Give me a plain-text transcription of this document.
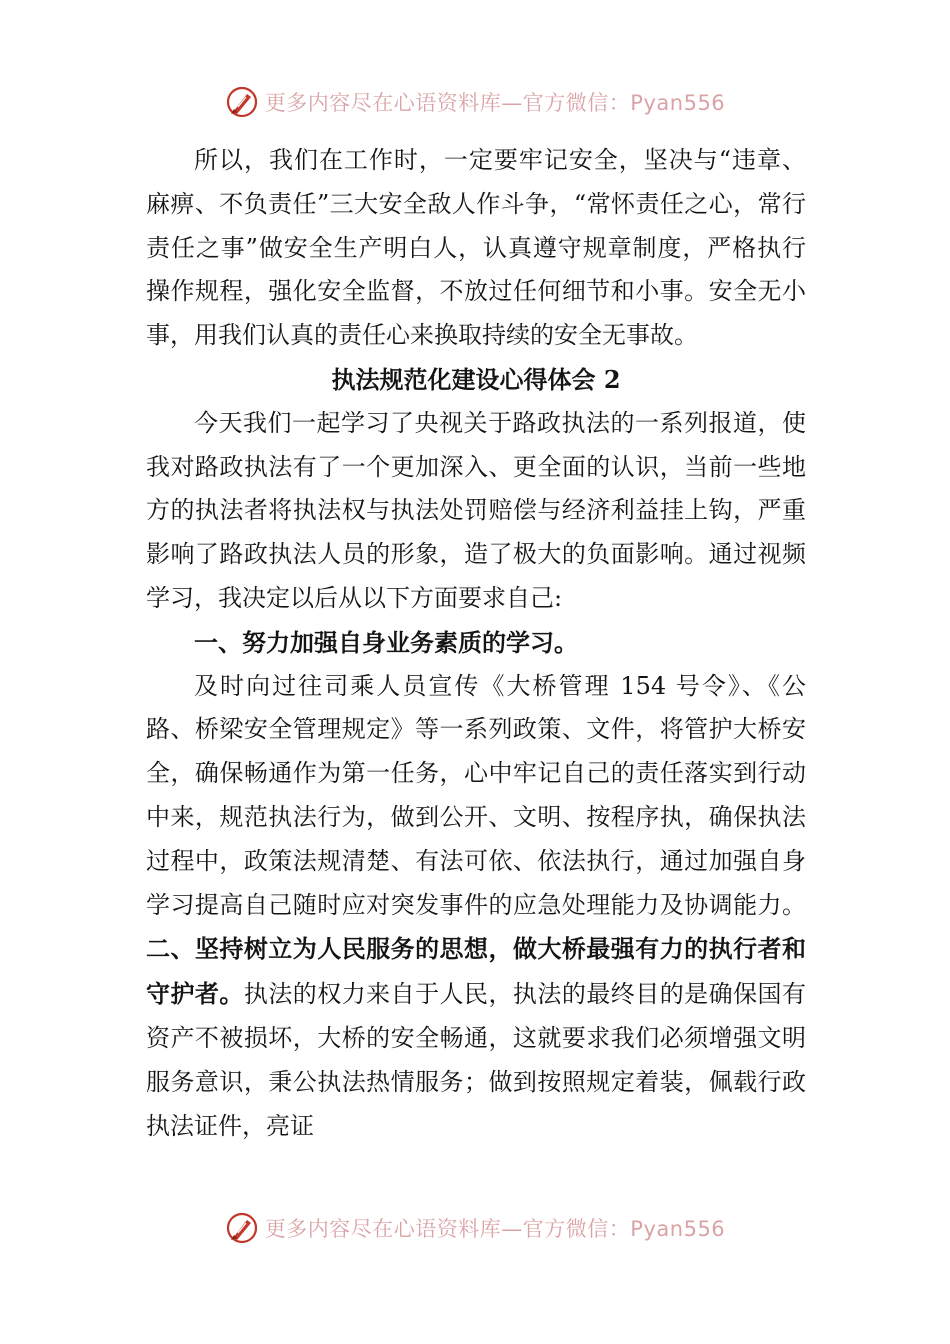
更多内容尽在心语资料库—官方微信：Pyan556

所以，我们在工作时，一定要牢记安全，坚决与“违章、麻痹、不负责任”三大安全敌人作斗争，“常怀责任之心，常行责任之事”做安全生产明白人，认真遵守规章制度，严格执行操作规程，强化安全监督，不放过任何细节和小事。安全无小事，用我们认真的责任心来换取持续的安全无事故。

执法规范化建设心得体会 2

今天我们一起学习了央视关于路政执法的一系列报道，使我对路政执法有了一个更加深入、更全面的认识，当前一些地方的执法者将执法权与执法处罚赔偿与经济利益挂上钩，严重影响了路政执法人员的形象，造了极大的负面影响。通过视频学习，我决定以后从以下方面要求自己:

一、努力加强自身业务素质的学习。

及时向过往司乘人员宣传《大桥管理 154 号令》、《公路、桥梁安全管理规定》等一系列政策、文件，将管护大桥安全，确保畅通作为第一任务，心中牢记自己的责任落实到行动中来，规范执法行为，做到公开、文明、按程序执，确保执法过程中，政策法规清楚、有法可依、依法执行，通过加强自身学习提高自己随时应对突发事件的应急处理能力及协调能力。二、坚持树立为人民服务的思想，做大桥最强有力的执行者和守护者。执法的权力来自于人民，执法的最终目的是确保国有资产不被损坏，大桥的安全畅通，这就要求我们必须增强文明服务意识，秉公执法热情服务；做到按照规定着装，佩载行政执法证件，亮证

更多内容尽在心语资料库—官方微信：Pyan556
